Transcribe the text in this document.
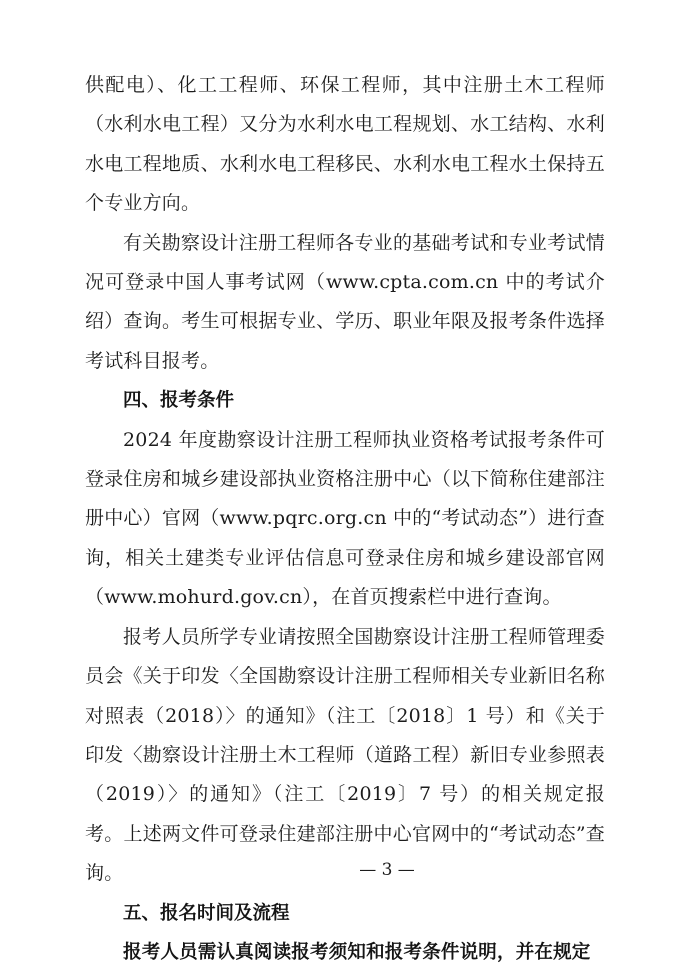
供配电）、化工工程师、环保工程师，其中注册土木工程师（水利水电工程）又分为水利水电工程规划、水工结构、水利水电工程地质、水利水电工程移民、水利水电工程水土保持五个专业方向。

有关勘察设计注册工程师各专业的基础考试和专业考试情况可登录中国人事考试网（www.cpta.com.cn 中的考试介绍）查询。考生可根据专业、学历、职业年限及报考条件选择考试科目报考。

四、报考条件

2024 年度勘察设计注册工程师执业资格考试报考条件可登录住房和城乡建设部执业资格注册中心（以下简称住建部注册中心）官网（www.pqrc.org.cn 中的“考试动态”）进行查询，相关土建类专业评估信息可登录住房和城乡建设部官网（www.mohurd.gov.cn），在首页搜索栏中进行查询。

报考人员所学专业请按照全国勘察设计注册工程师管理委员会《关于印发〈全国勘察设计注册工程师相关专业新旧名称对照表（2018）〉的通知》（注工〔2018〕1 号）和《关于印发〈勘察设计注册土木工程师（道路工程）新旧专业参照表（2019）〉的通知》（注工〔2019〕7 号）的相关规定报考。上述两文件可登录住建部注册中心官网中的“考试动态”查询。

五、报名时间及流程

报考人员需认真阅读报考须知和报考条件说明，并在规定

— 3 —
